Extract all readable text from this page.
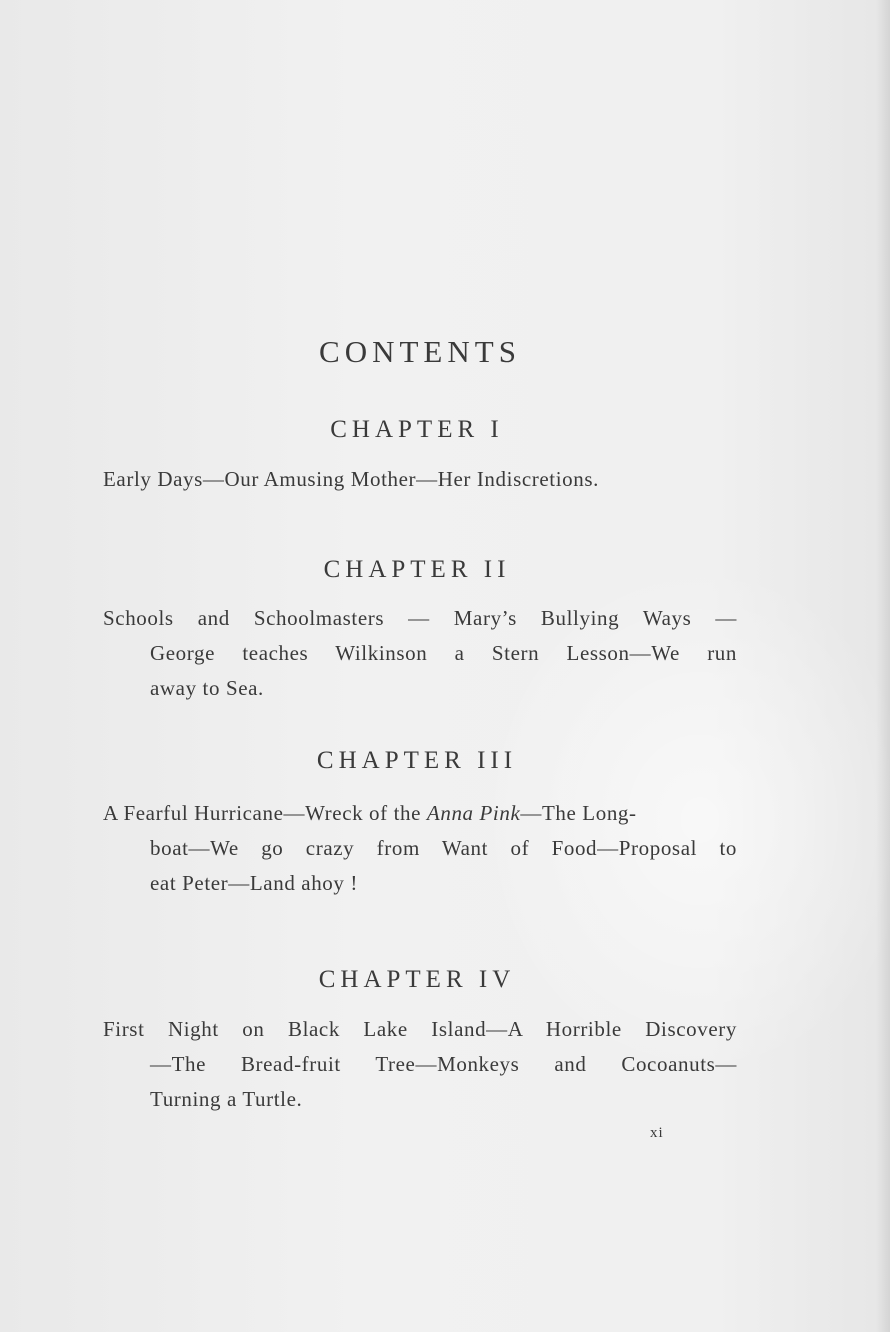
CONTENTS
CHAPTER I

Early Days—Our Amusing Mother—Her Indiscretions.

CHAPTER II

Schools and Schoolmasters — Mary’s Bullying Ways —
George teaches Wilkinson a Stern Lesson—We run
away to Sea.

CHAPTER III

A Fearful Hurricane—Wreck of the Anna Pink—The Long-
boat—We go crazy from Want of Food—Proposal to
eat Peter—Land ahoy !

CHAPTER IV

First Night on Black Lake Island—A Horrible Discovery
—The Bread-fruit Tree—Monkeys and Cocoanuts—
Turning a Turtle.

xi
